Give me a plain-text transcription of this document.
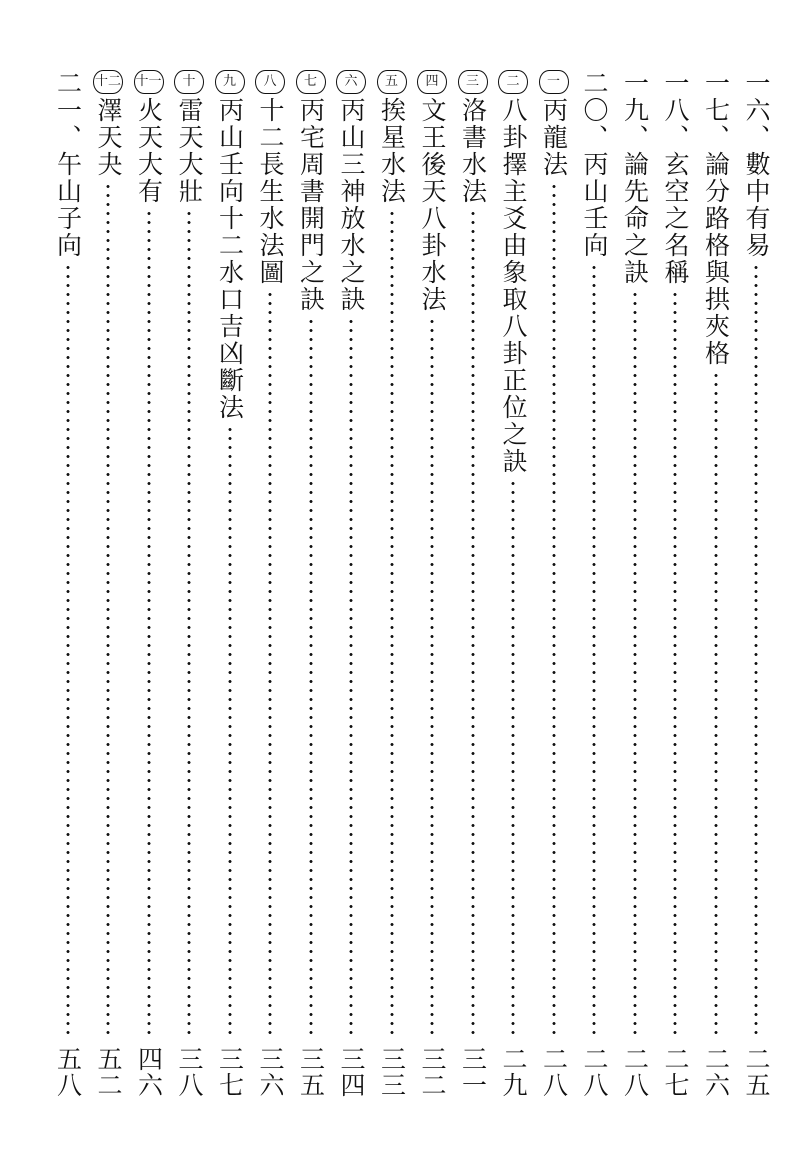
一六、
數中有易
二五
一七、
論分路格與拱夾格
二六
一八、
玄空之名稱
二七
一九、
論先命之訣
二八
二〇、
丙山壬向
二八
一
丙龍法
二八
二
八卦擇主爻由象取八卦正位之訣
二九
三
洛書水法
三一
四
文王後天八卦水法
三二
五
挨星水法
三三
六
丙山三神放水之訣
三四
七
丙宅周書開門之訣
三五
八
十二長生水法圖
三六
九
丙山壬向十二水口吉凶斷法
三七
十
雷天大壯
三八
十一
火天大有
四六
十二
澤天夬
五二
二一、
午山子向
五八
